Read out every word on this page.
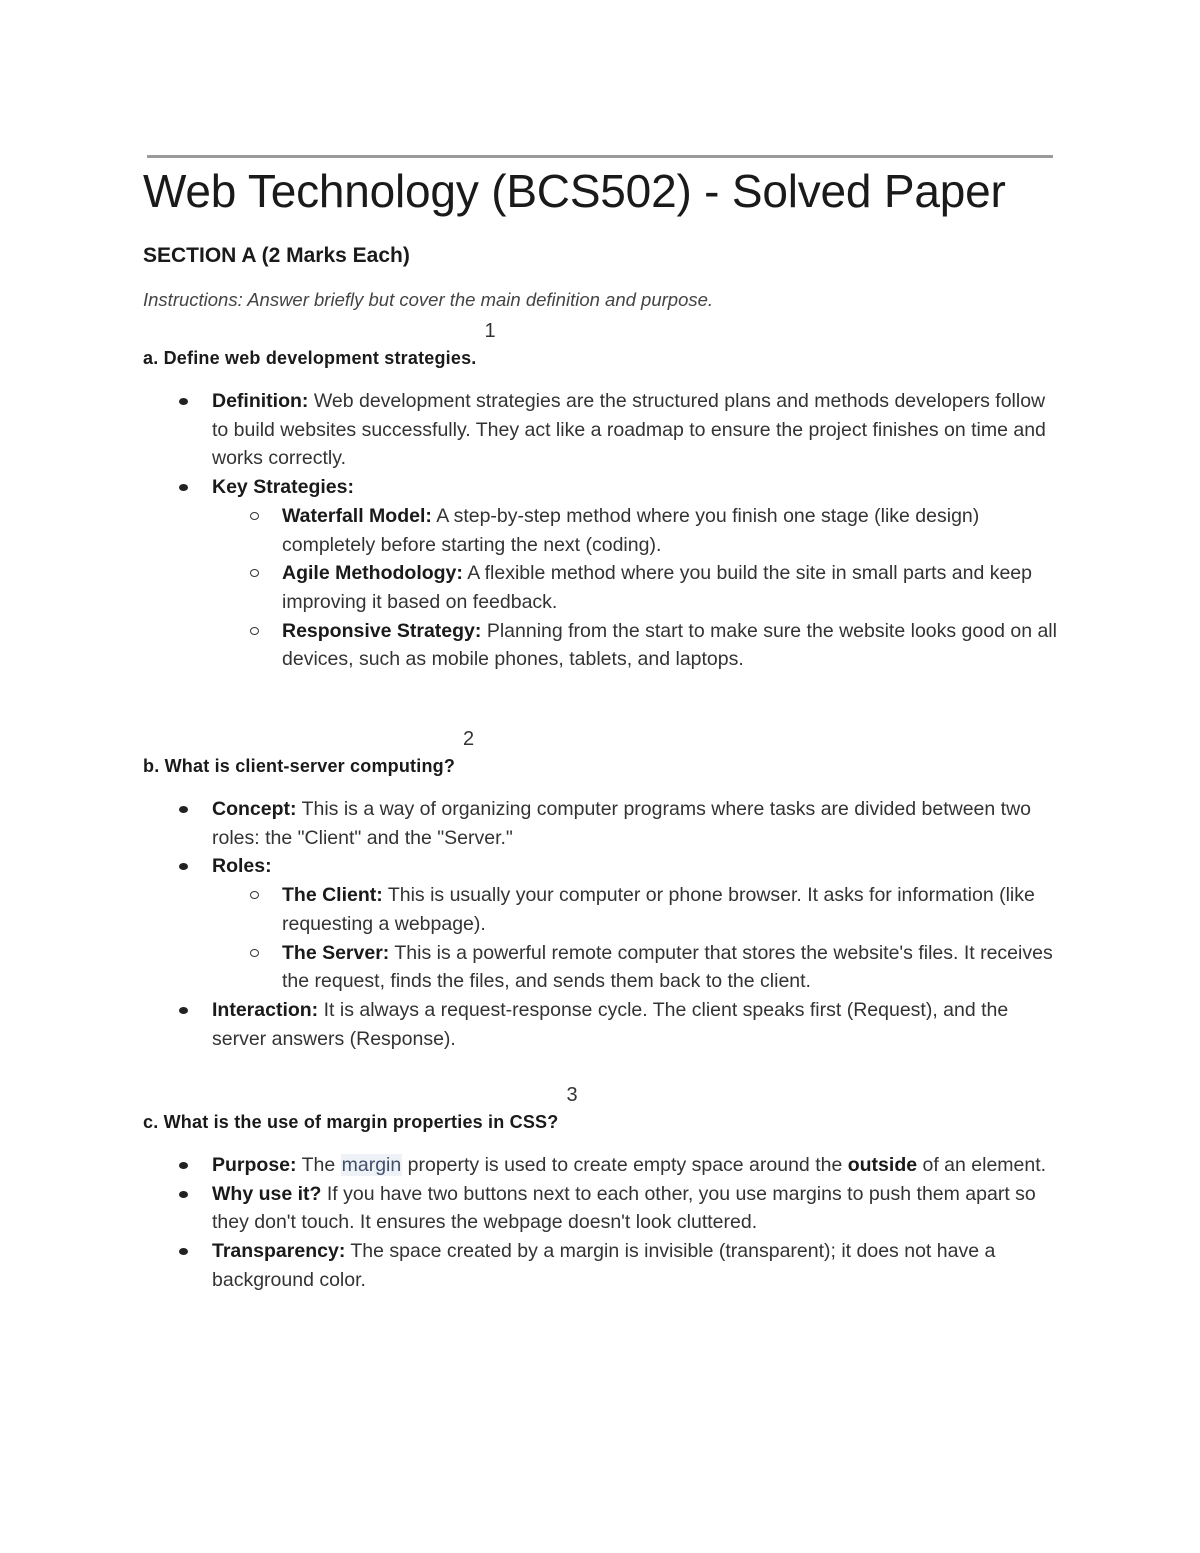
Web Technology (BCS502) - Solved Paper
SECTION A (2 Marks Each)

Instructions: Answer briefly but cover the main definition and purpose.

a. Define web development strategies.$^1$

Definition: Web development strategies are the structured plans and methods developers follow to build websites successfully. They act like a roadmap to ensure the project finishes on time and works correctly.
Key Strategies:
Waterfall Model: A step-by-step method where you finish one stage (like design) completely before starting the next (coding).
Agile Methodology: A flexible method where you build the site in small parts and keep improving it based on feedback.
Responsive Strategy: Planning from the start to make sure the website looks good on all devices, such as mobile phones, tablets, and laptops.

b. What is client-server computing?$^2$

Concept: This is a way of organizing computer programs where tasks are divided between two roles: the "Client" and the "Server."
Roles:
The Client: This is usually your computer or phone browser. It asks for information (like requesting a webpage).
The Server: This is a powerful remote computer that stores the website's files. It receives the request, finds the files, and sends them back to the client.
Interaction: It is always a request-response cycle. The client speaks first (Request), and the server answers (Response).

c. What is the use of margin properties in CSS?$^3$

Purpose: The margin property is used to create empty space around the outside of an element.
Why use it? If you have two buttons next to each other, you use margins to push them apart so they don't touch. It ensures the webpage doesn't look cluttered.
Transparency: The space created by a margin is invisible (transparent); it does not have a background color.
